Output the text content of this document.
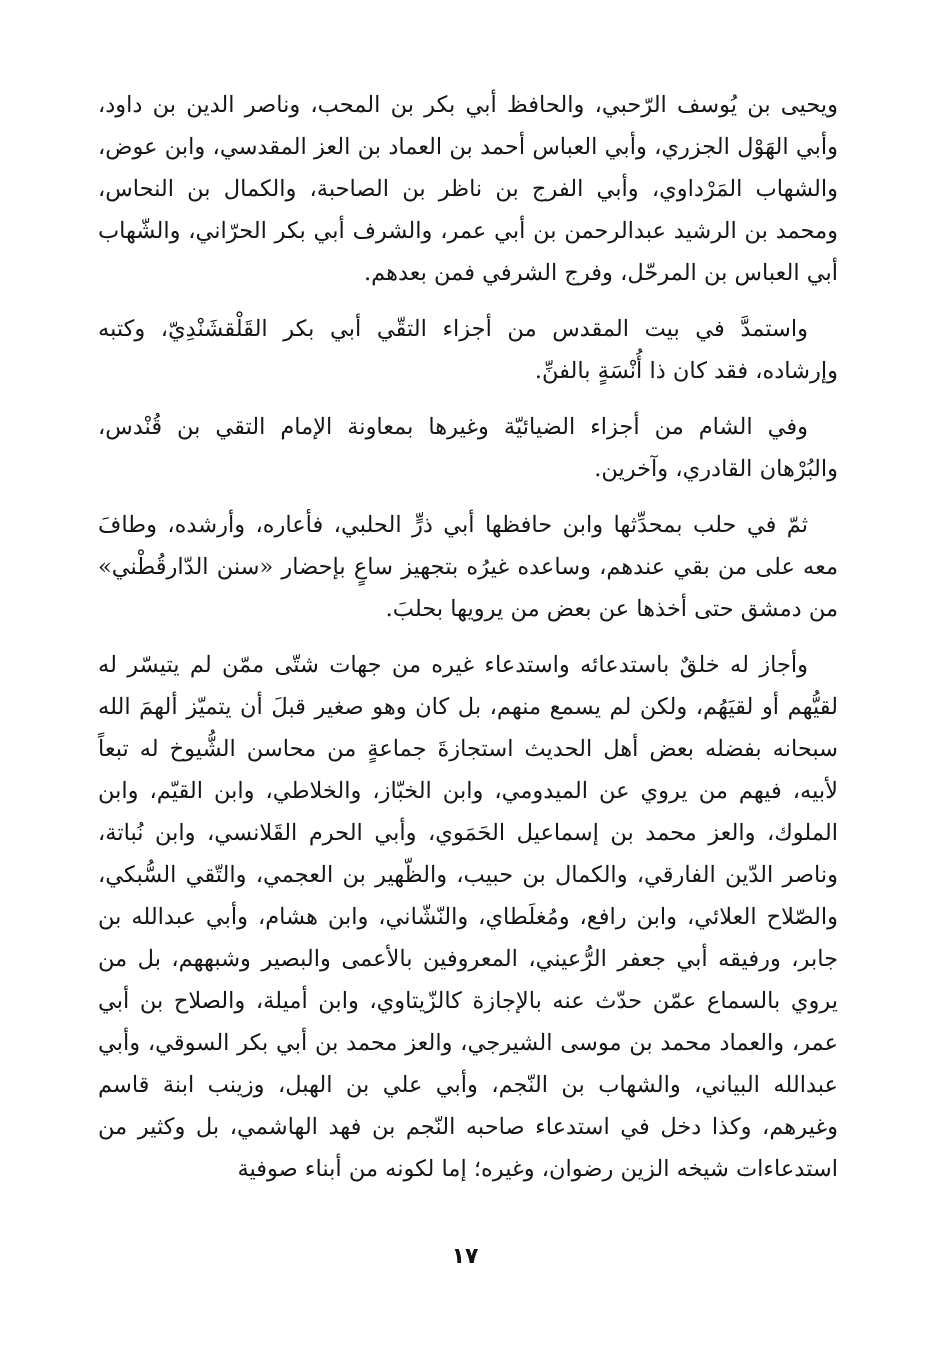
ويحيى بن يُوسف الرّحبي، والحافظ أبي بكر بن المحب، وناصر الدين بن داود، وأبي الهَوْل الجزري، وأبي العباس أحمد بن العماد بن العز المقدسي، وابن عوض، والشهاب المَرْداوي، وأبي الفرج بن ناظر بن الصاحبة، والكمال بن النحاس، ومحمد بن الرشيد عبدالرحمن بن أبي عمر، والشرف أبي بكر الحرّاني، والشّهاب أبي العباس بن المرحّل، وفرج الشرفي فمن بعدهم.

واستمدَّ في بيت المقدس من أجزاء التقّي أبي بكر القَلْقشَنْدِيّ، وكتبه وإرشاده، فقد كان ذا أُنْسَةٍ بالفنِّ.

وفي الشام من أجزاء الضيائيّة وغيرها بمعاونة الإمام التقي بن قُنْدس، والبُرْهان القادري، وآخرين.

ثمّ في حلب بمحدِّثها وابن حافظها أبي ذرٍّ الحلبي، فأعاره، وأرشده، وطافَ معه على من بقي عندهم، وساعده غيرُه بتجهيز ساعٍ بإحضار «سنن الدّارقُطْني» من دمشق حتى أخذها عن بعض من يرويها بحلبَ.

وأجاز له خلقٌ باستدعائه واستدعاء غيره من جهات شتّى ممّن لم يتيسّر له لقيُّهم أو لقيَهُم، ولكن لم يسمع منهم، بل كان وهو صغير قبلَ أن يتميّز ألهمَ الله سبحانه بفضله بعض أهل الحديث استجازةَ جماعةٍ من محاسن الشُّيوخ له تبعاً لأبيه، فيهم من يروي عن الميدومي، وابن الخبّاز، والخلاطي، وابن القيّم، وابن الملوك، والعز محمد بن إسماعيل الحَمَوي، وأبي الحرم القَلانسي، وابن نُباتة، وناصر الدّين الفارقي، والكمال بن حبيب، والظّهير بن العجمي، والتّقي السُّبكي، والصّلاح العلائي، وابن رافع، ومُغلَطاي، والنّشّاني، وابن هشام، وأبي عبدالله بن جابر، ورفيقه أبي جعفر الرُّعيني، المعروفين بالأعمى والبصير وشبههم، بل من يروي بالسماع عمّن حدّث عنه بالإجازة كالزّيتاوي، وابن أميلة، والصلاح بن أبي عمر، والعماد محمد بن موسى الشيرجي، والعز محمد بن أبي بكر السوقي، وأبي عبدالله البياني، والشهاب بن النّجم، وأبي علي بن الهبل، وزينب ابنة قاسم وغيرهم، وكذا دخل في استدعاء صاحبه النّجم بن فهد الهاشمي، بل وكثير من استدعاءات شيخه الزين رضوان، وغيره؛ إما لكونه من أبناء صوفية

١٧
